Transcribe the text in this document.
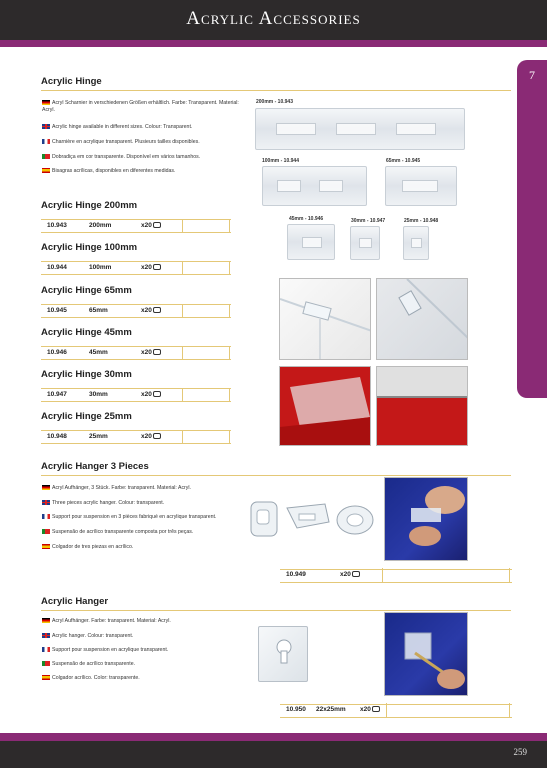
Acrylic Accessories
7
Acrylic Hinge
Acryl Scharnier in verschiedenen Größen erhältlich. Farbe: Transparent. Material: Acryl.
Acrylic hinge available in different sizes. Colour: Transparent.
Charnière en acrylique transparent. Plusieurs tailles disponibles.
Dobradiça em cor transparente. Disponível em vários tamanhos.
Bisagras acrílicas, disponibles en diferentes medidas.
200mm - 10.943
100mm - 10.944	65mm - 10.945
45mm - 10.946	30mm - 10.947	25mm - 10.948
Acrylic Hinge 200mm
10.943	200mm	x20
Acrylic Hinge 100mm
10.944	100mm	x20
Acrylic Hinge 65mm
10.945	65mm	x20
Acrylic Hinge 45mm
10.946	45mm	x20
Acrylic Hinge 30mm
10.947	30mm	x20
Acrylic Hinge 25mm
10.948	25mm	x20
Acrylic Hanger 3 Pieces
Acryl Aufhänger, 3 Stück. Farbe: transparent. Material: Acryl.
Three pieces acrylic hanger. Colour: transparent.
Support pour suspension en 3 pièces fabriqué en acrylique transparent.
Suspensão de acrílico transparente composta por três peças.
Colgador de tres piezas en acrílico.
10.949	x20
Acrylic Hanger
Acryl Aufhänger. Farbe: transparent. Material: Acryl.
Acrylic hanger. Colour: transparent.
Support pour suspension en acrylique transparent.
Suspensão de acrílico transparente.
Colgador acrílico. Color: transparente.
10.950 22x25mm x20
259
